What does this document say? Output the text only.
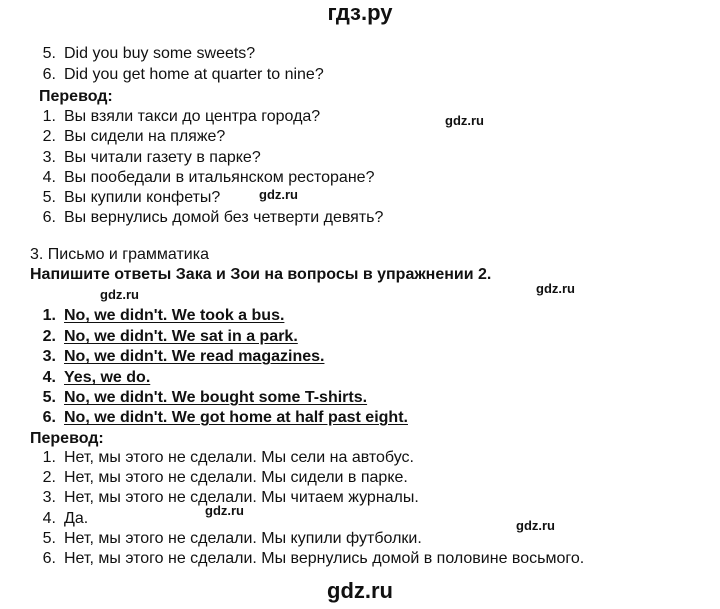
гдз.ру
5. Did you buy some sweets?
6. Did you get home at quarter to nine?
Перевод:
1. Вы взяли такси до центра города?
2. Вы сидели на пляже?
3. Вы читали газету в парке?
4. Вы пообедали в итальянском ресторане?
5. Вы купили конфеты?
6. Вы вернулись домой без четверти девять?
3. Письмо и грамматика
Напишите ответы Зака и Зои на вопросы в упражнении 2.
1. No, we didn't. We took a bus.
2. No, we didn't. We sat in a park.
3. No, we didn't. We read magazines.
4. Yes, we do.
5. No, we didn't. We bought some T-shirts.
6. No, we didn't. We got home at half past eight.
Перевод:
1. Нет, мы этого не сделали. Мы сели на автобус.
2. Нет, мы этого не сделали. Мы сидели в парке.
3. Нет, мы этого не сделали. Мы читаем журналы.
4. Да.
5. Нет, мы этого не сделали. Мы купили футболки.
6. Нет, мы этого не сделали. Мы вернулись домой в половине восьмого.
gdz.ru
gdz.ru
gdz.ru
gdz.ru
gdz.ru
gdz.ru
gdz.ru
